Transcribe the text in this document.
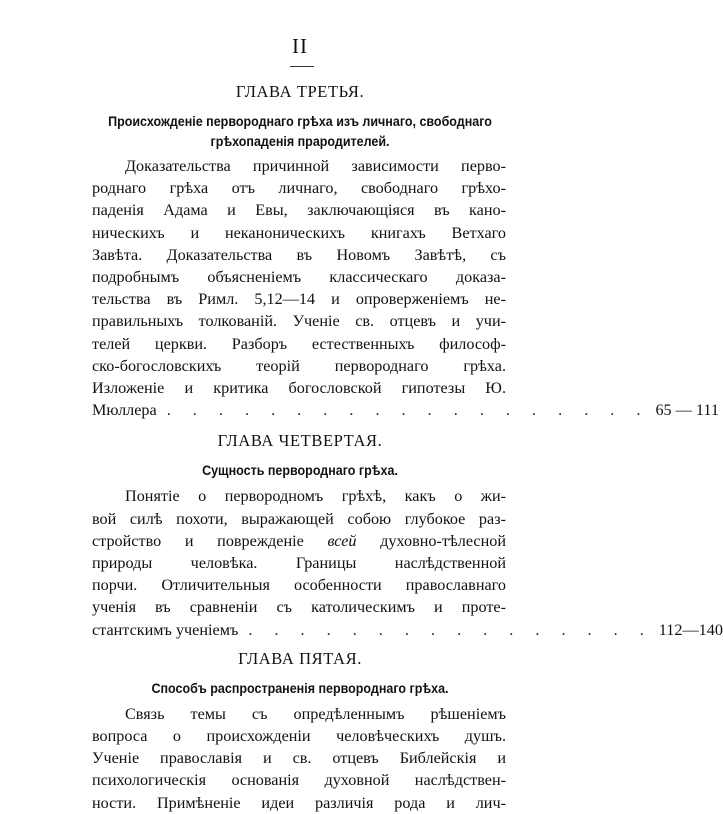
II
ГЛАВА ТРЕТЬЯ.
Происхожденіе первороднаго грѣха изъ личнаго, свободнаго
грѣхопаденія прародителей.
Доказательства причинной зависимости перво-
роднаго грѣха отъ личнаго, свободнаго грѣхо-
паденія Адама и Евы, заключающіяся въ кано-
ническихъ и неканоническихъ книгахъ Ветхаго
Завѣта. Доказательства въ Новомъ Завѣтѣ, съ
подробнымъ объясненіемъ классическаго доказа-
тельства въ Римл. 5,12—14 и опроверженіемъ не-
правильныхъ толкованій. Ученіе св. отцевъ и учи-
телей церкви. Разборъ естественныхъ философ-
ско-богословскихъ теорій первороднаго грѣха.
Изложеніе и критика богословской гипотезы Ю.
Мюллера . . . . . . . . . . . . . . . . . . . 65 — 111
ГЛАВА ЧЕТВЕРТАЯ.
Сущность первороднаго грѣха.
Понятіе о первородномъ грѣхѣ, какъ о жи-
вой силѣ похоти, выражающей собою глубокое раз-
стройство и поврежденіе всей духовно-тѣлесной
природы человѣка. Границы наслѣдственной
порчи. Отличительныя особенности православнаго
ученія въ сравненіи съ католическимъ и проте-
стантскимъ ученіемъ . . . . . . . . . . . . . . . . 112—140
ГЛАВА ПЯТАЯ.
Способъ распространенія первороднаго грѣха.
Связь темы съ опредѣленнымъ рѣшеніемъ
вопроса о происхожденіи человѣческихъ душъ.
Ученіе православія и св. отцевъ Библейскія и
психологическія основанія духовной наслѣдствен-
ности. Примѣненіе идеи различія рода и лич-
